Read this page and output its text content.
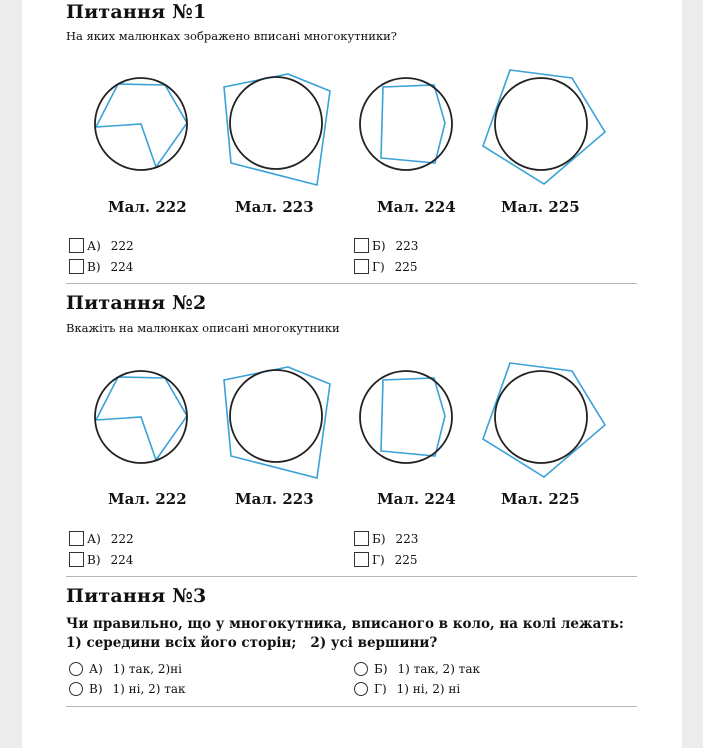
Питання №1
На яких малюнках зображено вписані многокутники?
Мал. 222	Мал. 223	Мал. 224	Мал. 225
А) 222	Б) 223
В) 224	Г) 225
Питання №2
Вкажіть на малюнках описані многокутники
Мал. 222	Мал. 223	Мал. 224	Мал. 225
А) 222	Б) 223
В) 224	Г) 225
Питання №3
Чи правильно, що у многокутника, вписаного в коло, на колі лежать:
1) середини всіх його сторін; 2) усі вершини?
А) 1) так, 2)ні	Б) 1) так, 2) так
В) 1) ні, 2) так	Г) 1) ні, 2) ні
